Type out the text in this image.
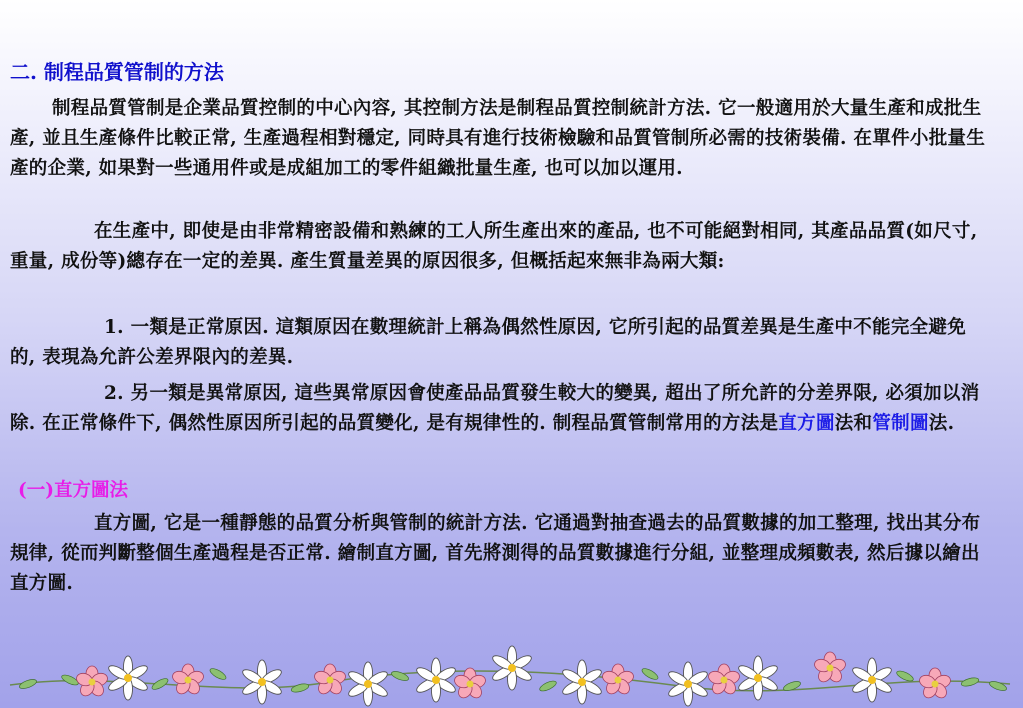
二. 制程品質管制的方法

制程品質管制是企業品質控制的中心內容, 其控制方法是制程品質控制統計方法. 它一般適用於大量生產和成批生產, 並且生產條件比較正常, 生產過程相對穩定, 同時具有進行技術檢驗和品質管制所必需的技術裝備. 在單件小批量生產的企業, 如果對一些通用件或是成組加工的零件組織批量生產, 也可以加以運用.

在生產中, 即使是由非常精密設備和熟練的工人所生產出來的產品, 也不可能絕對相同, 其產品品質(如尺寸, 重量, 成份等)總存在一定的差異. 產生質量差異的原因很多, 但概括起來無非為兩大類:

1. 一類是正常原因. 這類原因在數理統計上稱為偶然性原因, 它所引起的品質差異是生產中不能完全避免的, 表現為允許公差界限內的差異.

2. 另一類是異常原因, 這些異常原因會使產品品質發生較大的變異, 超出了所允許的分差界限, 必須加以消除. 在正常條件下, 偶然性原因所引起的品質變化, 是有規律性的. 制程品質管制常用的方法是直方圖法和管制圖法.

(一)直方圖法

直方圖, 它是一種靜態的品質分析與管制的統計方法. 它通過對抽查過去的品質數據的加工整理, 找出其分布規律, 從而判斷整個生產過程是否正常. 繪制直方圖, 首先將測得的品質數據進行分組, 並整理成頻數表, 然后據以繪出直方圖.
